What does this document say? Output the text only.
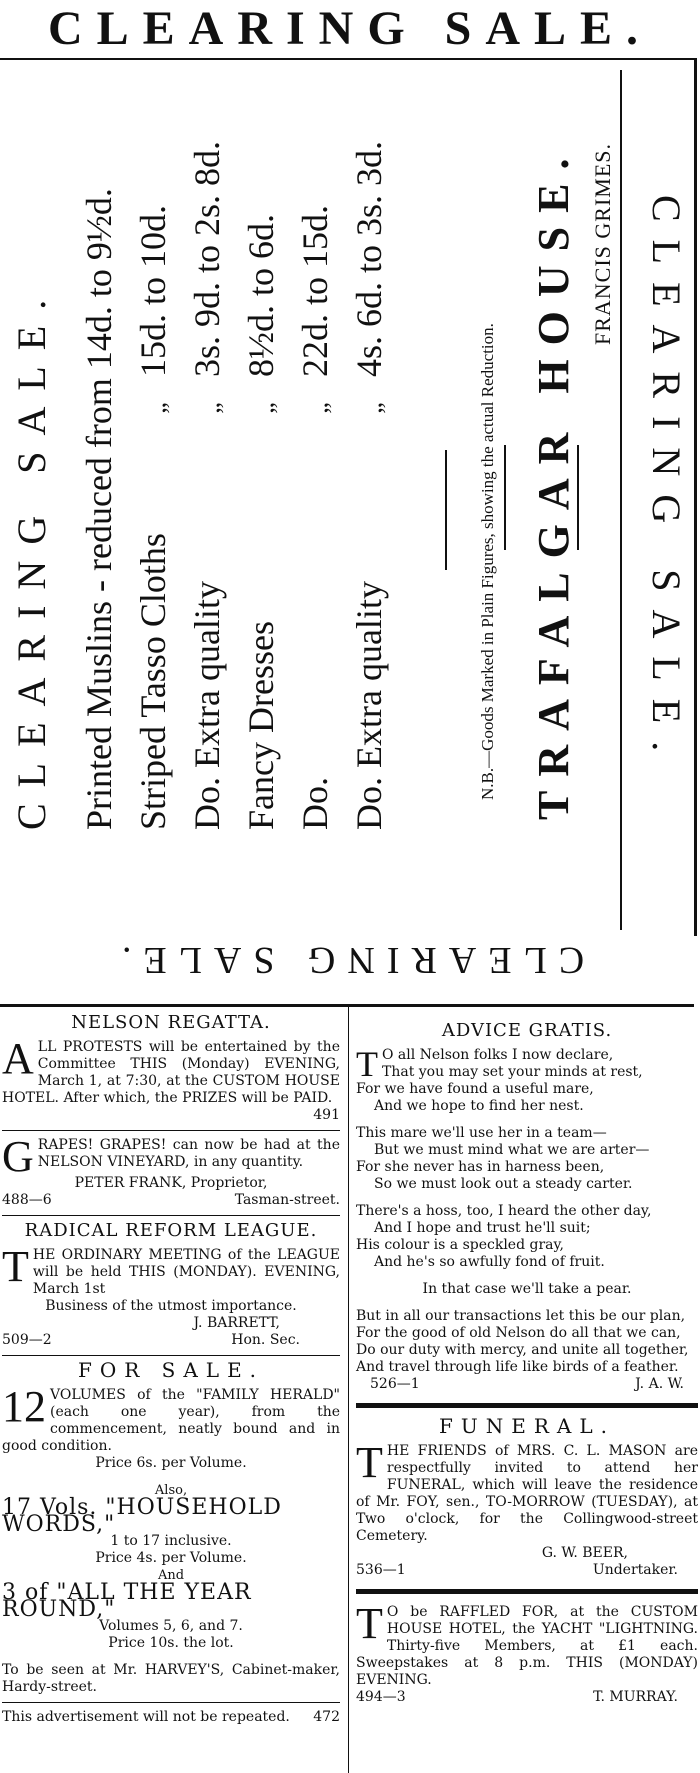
CLEARING SALE.
CLEARING SALE. Printed Muslins - reduced from 14d. to 9½d.
Striped Tasso Cloths„ 15d. to 10d.
Do. Extra quality„ 3s. 9d. to 2s. 8d.
Fancy Dresses„ 8½d. to 6d.
Do.„ 22d. to 15d.
Do. Extra quality„ 4s. 6d. to 3s. 3d.
N.B.—Goods Marked in Plain Figures, showing the actual Reduction. TRAFALGAR HOUSE. FRANCIS GRIMES. CLEARING SALE.
CLEARING SALE.
NELSON REGATTA.
ALL PROTESTS will be entertained by the Committee THIS (Monday) EVENING, March 1, at 7:30, at the CUSTOM HOUSE HOTEL. After which, the PRIZES will be PAID.
491
GRAPES! GRAPES! can now be had at the NELSON VINEYARD, in any quantity.
PETER FRANK, Proprietor,
488—6	Tasman-street.
RADICAL REFORM LEAGUE.
THE ORDINARY MEETING of the LEAGUE will be held THIS (MONDAY). EVENING, March 1st
Business of the utmost importance.
J. BARRETT,
509—2	Hon. Sec.
FOR SALE.
12 VOLUMES of the "FAMILY HERALD" (each one year), from the commencement, neatly bound and in good condition.
Price 6s. per Volume.
Also,
17 Vols. "HOUSEHOLD WORDS,"
1 to 17 inclusive.
Price 4s. per Volume.
And
3 of "ALL THE YEAR ROUND,"
Volumes 5, 6, and 7.
Price 10s. the lot.
To be seen at Mr. HARVEY'S, Cabinet-maker, Hardy-street.
This advertisement will not be repeated. 472
ADVICE GRATIS.
T O all Nelson folks I now declare,
That you may set your minds at rest,
For we have found a useful mare,
And we hope to find her nest.
This mare we'll use her in a team—
But we must mind what we are arter—
For she never has in harness been,
So we must look out a steady carter.
There's a hoss, too, I heard the other day,
And I hope and trust he'll suit;
His colour is a speckled gray,
And he's so awfully fond of fruit.
In that case we'll take a pear.
But in all our transactions let this be our plan,
For the good of old Nelson do all that we can,
Do our duty with mercy, and unite all together,
And travel through life like birds of a feather.
526—1	J. A. W.
FUNERAL.
THE FRIENDS of MRS. C. L. MASON are respectfully invited to attend her FUNERAL, which will leave the residence of Mr. FOY, sen., TO-MORROW (TUESDAY), at Two o'clock, for the Collingwood-street Cemetery.
G. W. BEER,
536—1	Undertaker.
T O be RAFFLED FOR, at the CUSTOM HOUSE HOTEL, the YACHT "LIGHTNING. Thirty-five Members, at £1 each. Sweepstakes at 8 p.m. THIS (MONDAY) EVENING.
494—3	T. MURRAY.
